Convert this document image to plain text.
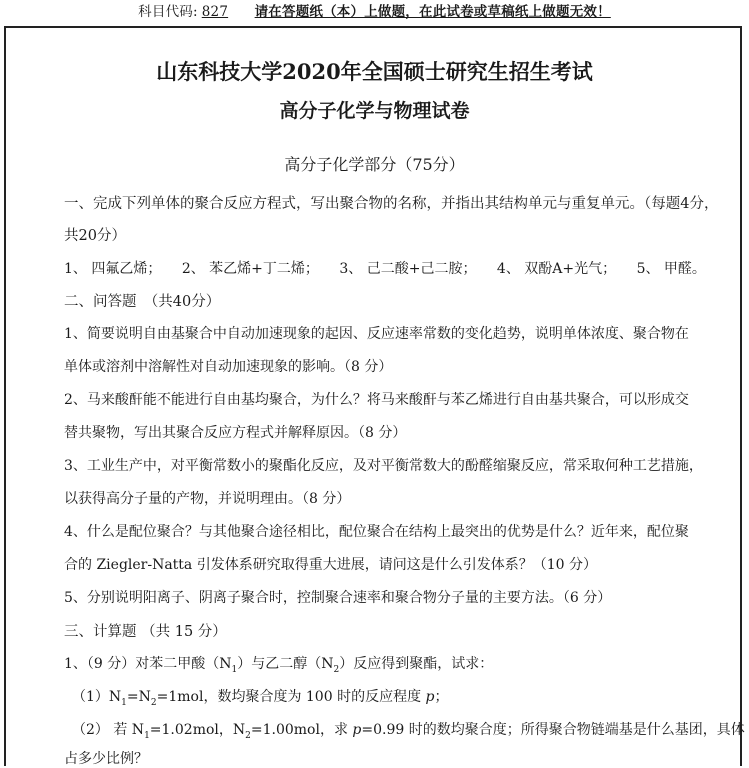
科目代码: 827 请在答题纸（本）上做题，在此试卷或草稿纸上做题无效！
山东科技大学2020年全国硕士研究生招生考试
高分子化学与物理试卷
高分子化学部分（75分）
一、完成下列单体的聚合反应方程式，写出聚合物的名称，并指出其结构单元与重复单元。（每题4分，
共20分）
1、 四氟乙烯； 2、 苯乙烯+丁二烯； 3、 己二酸+己二胺； 4、 双酚A+光气； 5、 甲醛。
二、问答题　（共40分）
1、简要说明自由基聚合中自动加速现象的起因、反应速率常数的变化趋势，说明单体浓度、聚合物在
单体或溶剂中溶解性对自动加速现象的影响。（8 分）
2、马来酸酐能不能进行自由基均聚合，为什么？将马来酸酐与苯乙烯进行自由基共聚合，可以形成交
替共聚物，写出其聚合反应方程式并解释原因。（8 分）
3、工业生产中，对平衡常数小的聚酯化反应，及对平衡常数大的酚醛缩聚反应，常采取何种工艺措施，
以获得高分子量的产物，并说明理由。（8 分）
4、什么是配位聚合？与其他聚合途径相比，配位聚合在结构上最突出的优势是什么？近年来，配位聚
合的 Ziegler-Natta 引发体系研究取得重大进展，请问这是什么引发体系？（10 分）
5、分别说明阳离子、阴离子聚合时，控制聚合速率和聚合物分子量的主要方法。（6 分）
三、计算题 （共 15 分）
1、（9 分）对苯二甲酸$(N_1)$与乙二醇$(N_2)$反应得到聚酯，试求：
$(1)N_1=N_2=1mol$，数均聚合度为 100 时的反应程度 p；
（2） 若 $N_1=1.02mol$，$N_2=1.00mol$，求 p=0.99 时的数均聚合度；所得聚合物链端基是什么基团，具体
占多少比例？
